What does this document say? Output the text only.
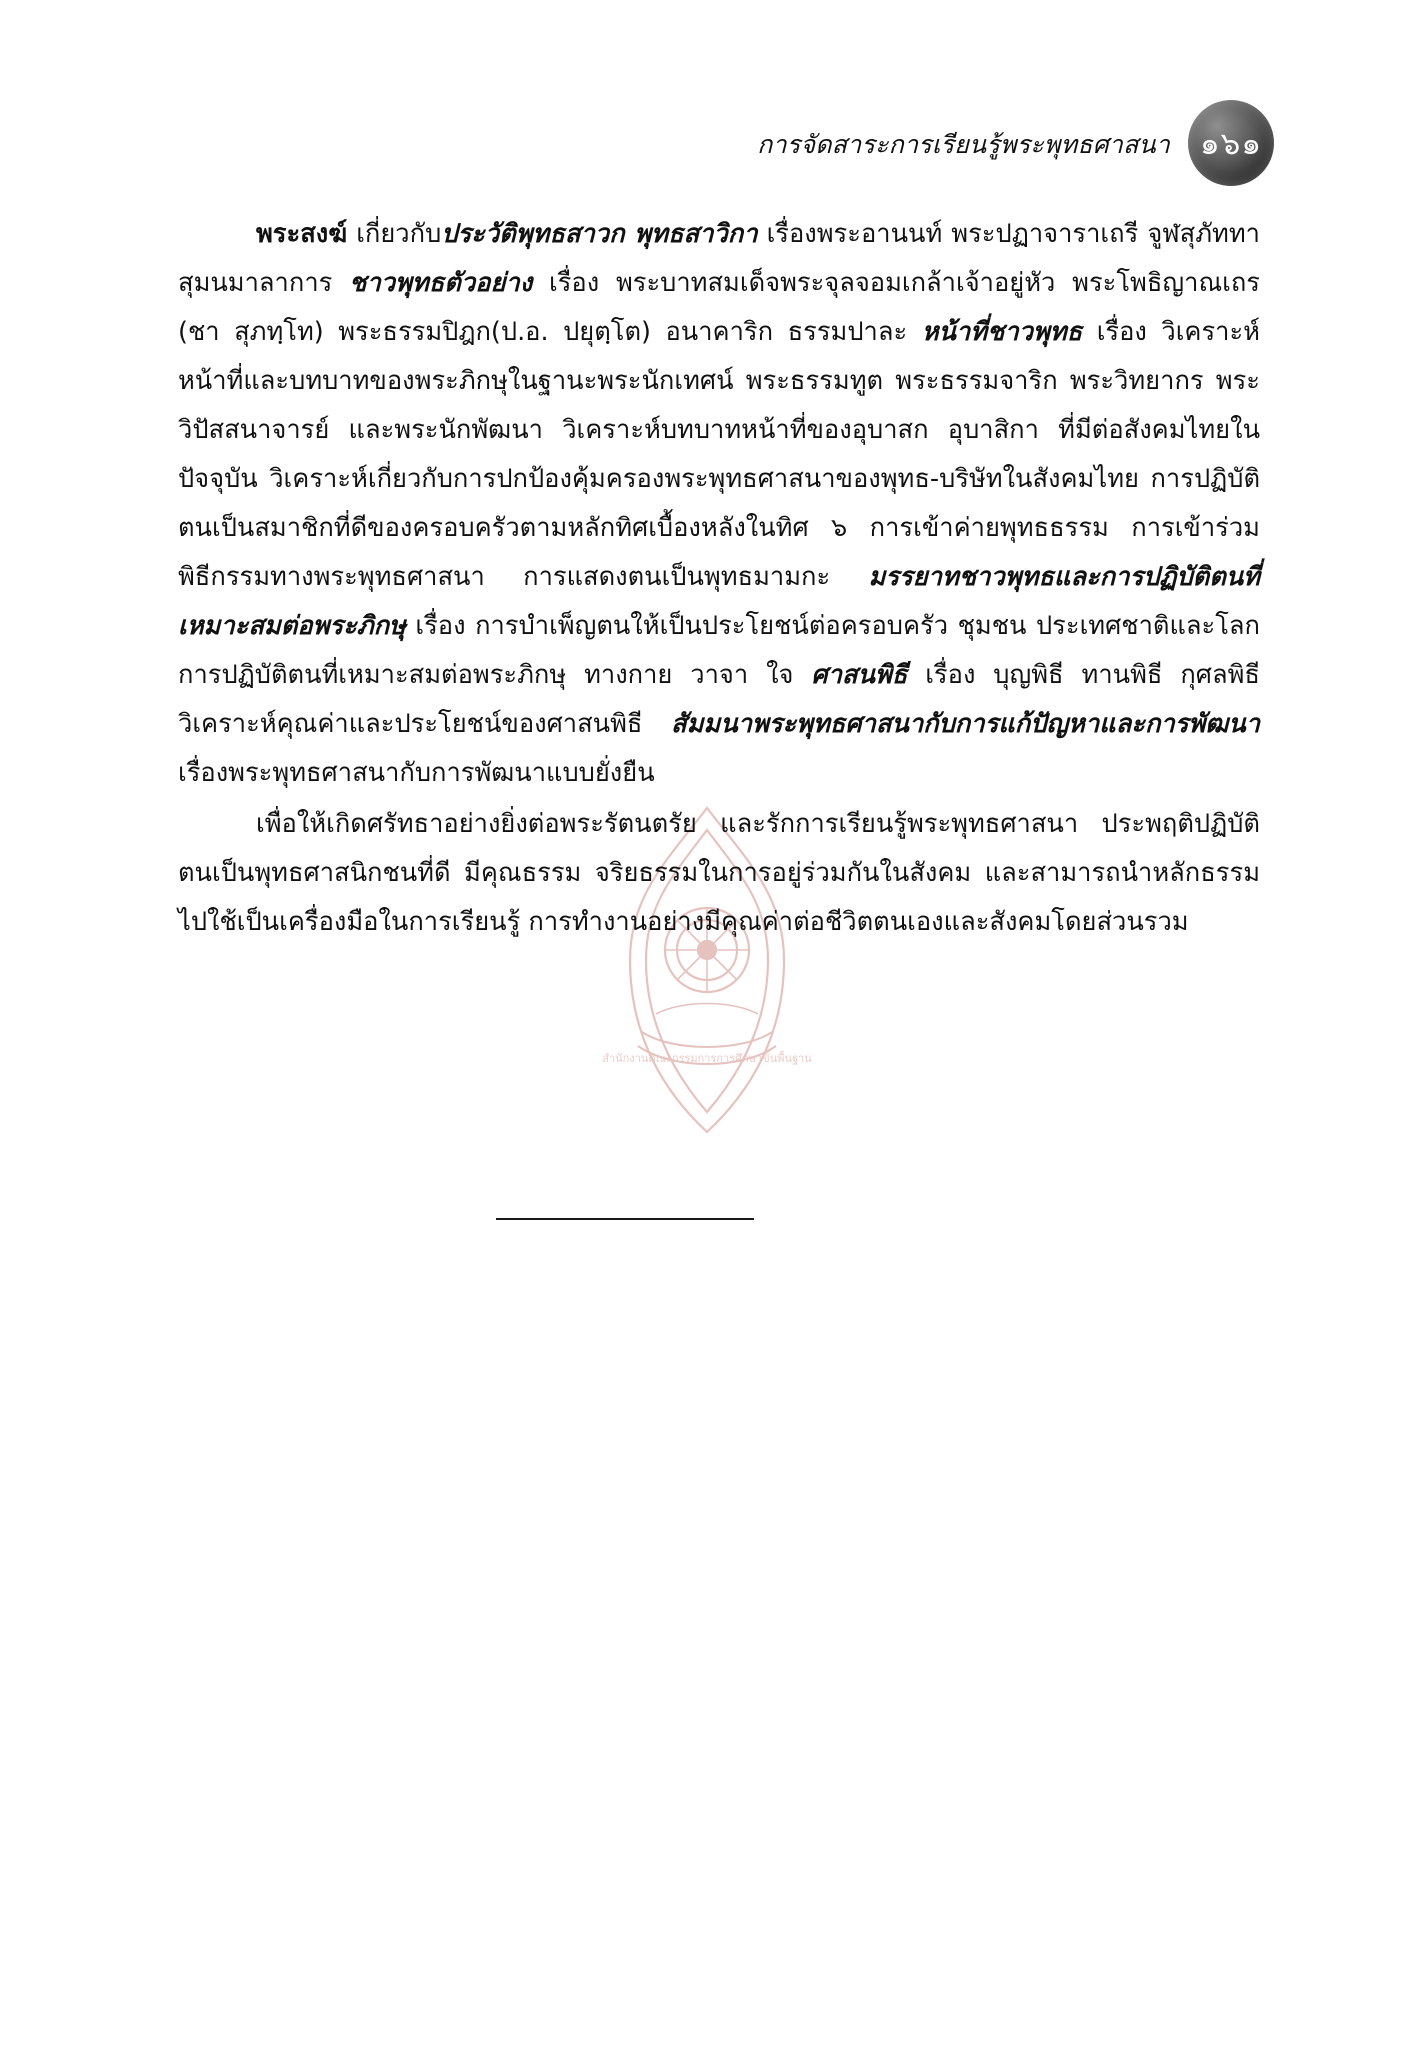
การจัดสาระการเรียนรู้พระพุทธศาสนา ๑๖๑
สำนักงานคณะกรรมการการศึกษาขั้นพื้นฐาน

พระสงฆ์ เกี่ยวกับประวัติพุทธสาวก พุทธสาวิกา เรื่องพระอานนท์ พระปฏาจาราเถรี จูฬสุภัททา สุมนมาลาการ ชาวพุทธตัวอย่าง เรื่อง พระบาทสมเด็จพระจุลจอมเกล้าเจ้าอยู่หัว พระโพธิญาณเถร (ชา สุภทฺโท) พระธรรมปิฎก(ป.อ. ปยุตฺโต) อนาคาริก ธรรมปาละ หน้าที่ชาวพุทธ เรื่อง วิเคราะห์หน้าที่และบทบาทของพระภิกษุในฐานะพระนักเทศน์ พระธรรมทูต พระธรรมจาริก พระวิทยากร พระวิปัสสนาจารย์ และพระนักพัฒนา วิเคราะห์บทบาทหน้าที่ของอุบาสก อุบาสิกา ที่มีต่อสังคมไทยในปัจจุบัน วิเคราะห์เกี่ยวกับการปกป้องคุ้มครองพระพุทธศาสนาของพุทธ-บริษัทในสังคมไทย การปฏิบัติตนเป็นสมาชิกที่ดีของครอบครัวตามหลักทิศเบื้องหลังในทิศ ๖ การเข้าค่ายพุทธธรรม การเข้าร่วมพิธีกรรมทางพระพุทธศาสนา การแสดงตนเป็นพุทธมามกะ มรรยาทชาวพุทธและการปฏิบัติตนที่เหมาะสมต่อพระภิกษุ เรื่อง การบำเพ็ญตนให้เป็นประโยชน์ต่อครอบครัว ชุมชน ประเทศชาติและโลก การปฏิบัติตนที่เหมาะสมต่อพระภิกษุ ทางกาย วาจา ใจ ศาสนพิธี เรื่อง บุญพิธี ทานพิธี กุศลพิธี วิเคราะห์คุณค่าและประโยชน์ของศาสนพิธี สัมมนาพระพุทธศาสนากับการแก้ปัญหาและการพัฒนา เรื่องพระพุทธศาสนากับการพัฒนาแบบยั่งยืน

เพื่อให้เกิดศรัทธาอย่างยิ่งต่อพระรัตนตรัย และรักการเรียนรู้พระพุทธศาสนา ประพฤติปฏิบัติตนเป็นพุทธศาสนิกชนที่ดี มีคุณธรรม จริยธรรมในการอยู่ร่วมกันในสังคม และสามารถนำหลักธรรมไปใช้เป็นเครื่องมือในการเรียนรู้ การทำงานอย่างมีคุณค่าต่อชีวิตตนเองและสังคมโดยส่วนรวม
